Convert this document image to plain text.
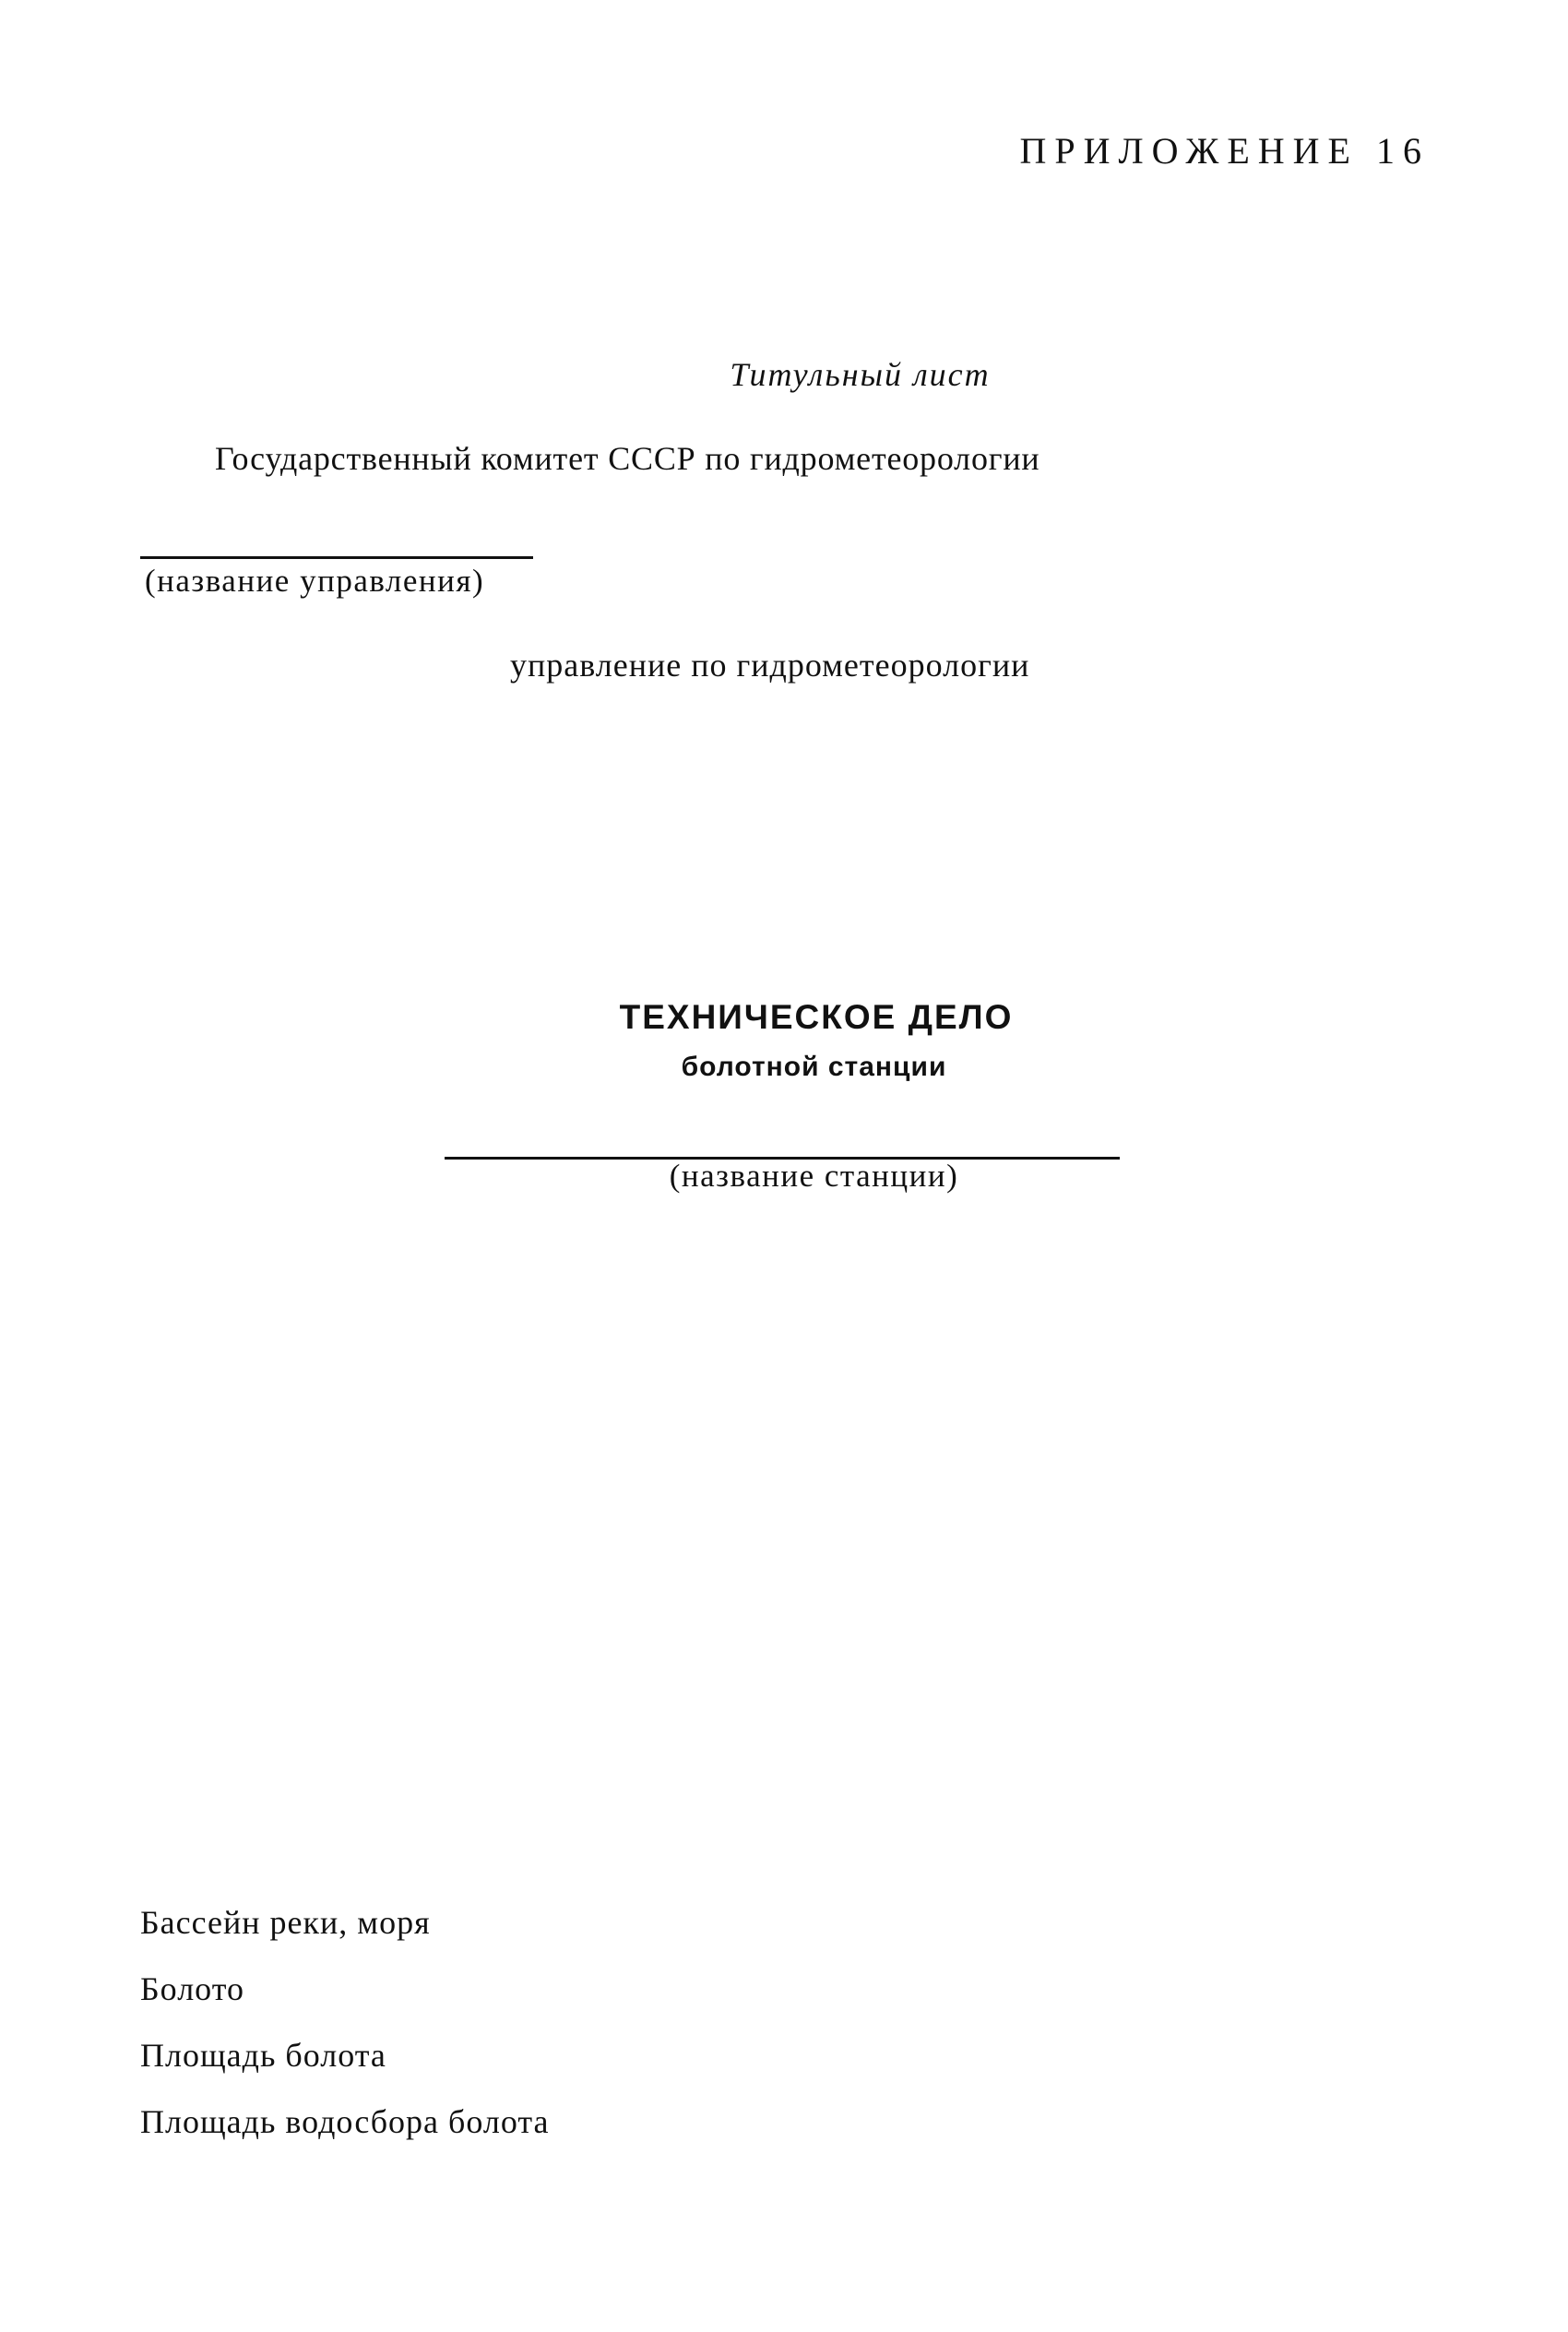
ПРИЛОЖЕНИЕ 16
Титульный лист
Государственный комитет СССР по гидрометеорологии
(название управления)
управление по гидрометеорологии
ТЕХНИЧЕСКОЕ ДЕЛО
болотной станции
(название станции)
Бассейн реки, моря
Болото
Площадь болота
Площадь водосбора болота
